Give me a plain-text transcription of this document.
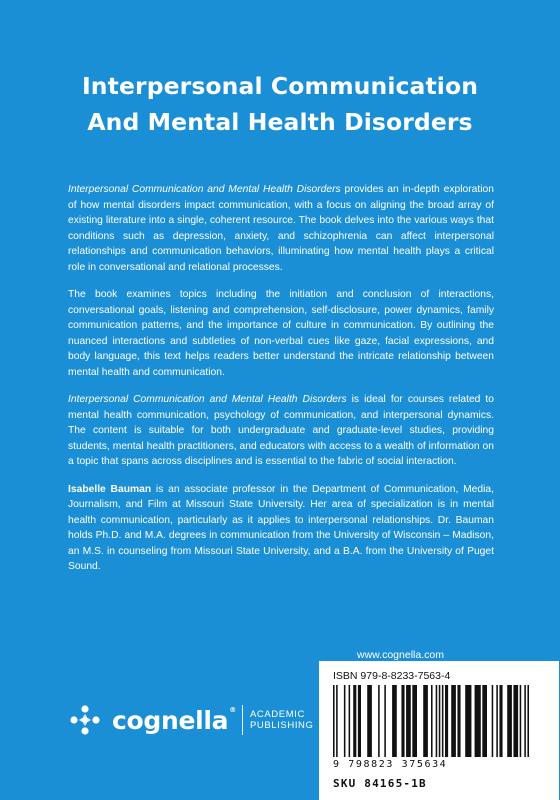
Interpersonal Communication
And Mental Health Disorders

Interpersonal Communication and Mental Health Disorders provides an in-depth exploration of how mental disorders impact communication, with a focus on aligning the broad array of existing literature into a single, coherent resource. The book delves into the various ways that conditions such as depression, anxiety, and schizophrenia can affect interpersonal relationships and communication behaviors, illuminating how mental health plays a critical role in conversational and relational processes.

The book examines topics including the initiation and conclusion of interactions, conversational goals, listening and comprehension, self-disclosure, power dynamics, family communication patterns, and the importance of culture in communication. By outlining the nuanced interactions and subtleties of non-verbal cues like gaze, facial expressions, and body language, this text helps readers better understand the intricate relationship between mental health and communication.

Interpersonal Communication and Mental Health Disorders is ideal for courses related to mental health communication, psychology of communication, and interpersonal dynamics. The content is suitable for both undergraduate and graduate-level studies, providing students, mental health practitioners, and educators with access to a wealth of information on a topic that spans across disciplines and is essential to the fabric of social interaction.

Isabelle Bauman is an associate professor in the Department of Communication, Media, Journalism, and Film at Missouri State University. Her area of specialization is in mental health communication, particularly as it applies to interpersonal relationships. Dr. Bauman holds Ph.D. and M.A. degrees in communication from the University of Wisconsin – Madison, an M.S. in counseling from Missouri State University, and a B.A. from the University of Puget Sound.

www.cognella.com
ISBN 979-8-8233-7563-4
9 798823 375634
SKU 84165-1B
cognella® ACADEMIC
PUBLISHING
